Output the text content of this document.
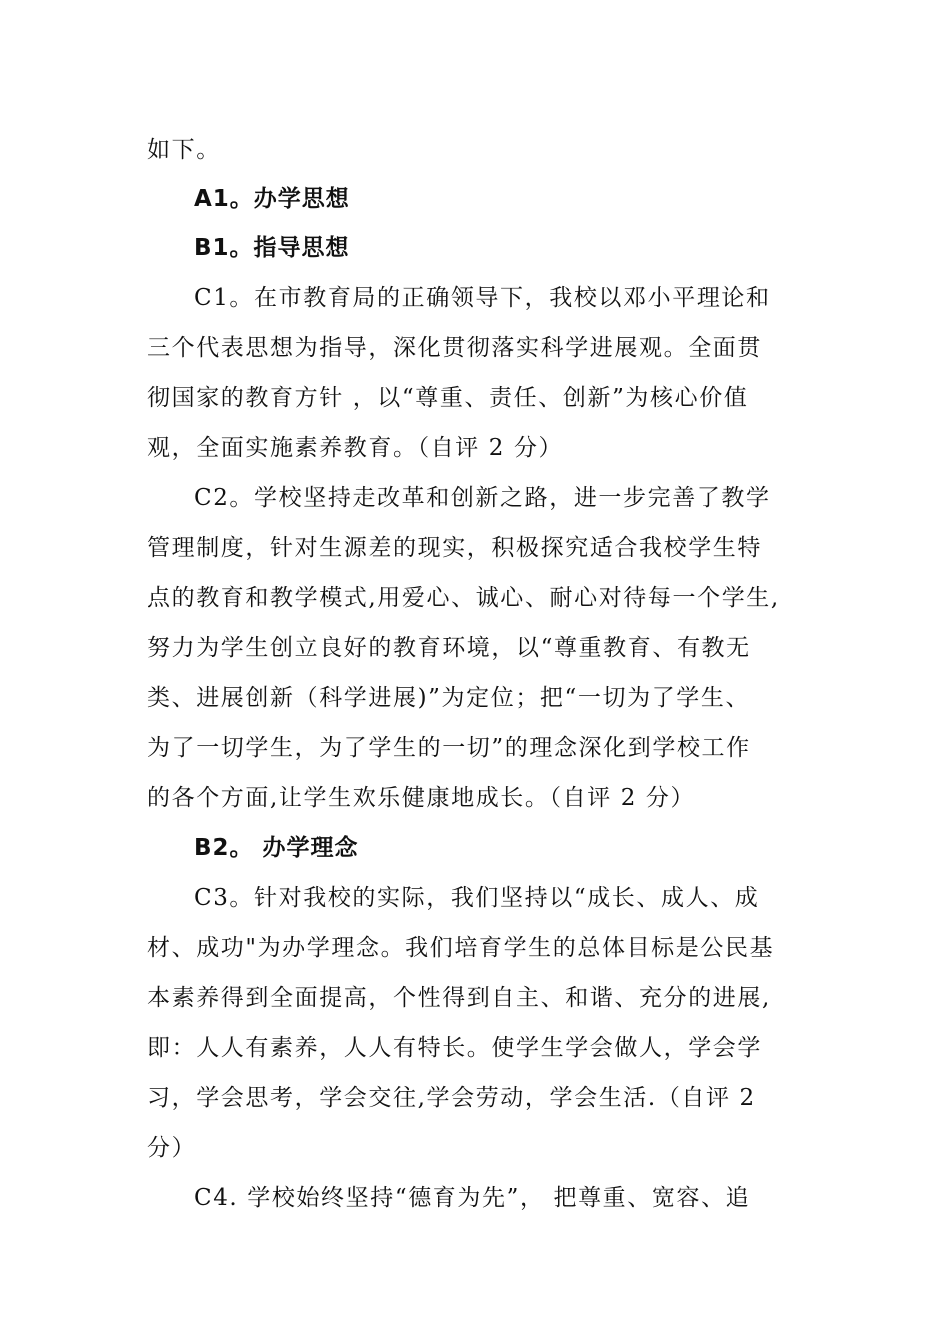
如下。
A1。办学思想
B1。指导思想
C1。在市教育局的正确领导下，我校以邓小平理论和
三个代表思想为指导，深化贯彻落实科学进展观。全面贯
彻国家的教育方针 ，以“尊重、责任、创新”为核心价值
观，全面实施素养教育。（自评 2 分）
C2。学校坚持走改革和创新之路，进一步完善了教学
管理制度，针对生源差的现实，积极探究适合我校学生特
点的教育和教学模式,用爱心、诚心、耐心对待每一个学生,
努力为学生创立良好的教育环境，以“尊重教育、有教无
类、进展创新（科学进展)”为定位；把“一切为了学生、
为了一切学生，为了学生的一切”的理念深化到学校工作
的各个方面,让学生欢乐健康地成长。（自评 2 分）
B2。 办学理念
C3。针对我校的实际，我们坚持以“成长、成人、成
材、成功"为办学理念。我们培育学生的总体目标是公民基
本素养得到全面提高，个性得到自主、和谐、充分的进展,
即：人人有素养，人人有特长。使学生学会做人，学会学
习，学会思考，学会交往,学会劳动，学会生活.（自评 2
分）
C4. 学校始终坚持“德育为先”， 把尊重、宽容、追
